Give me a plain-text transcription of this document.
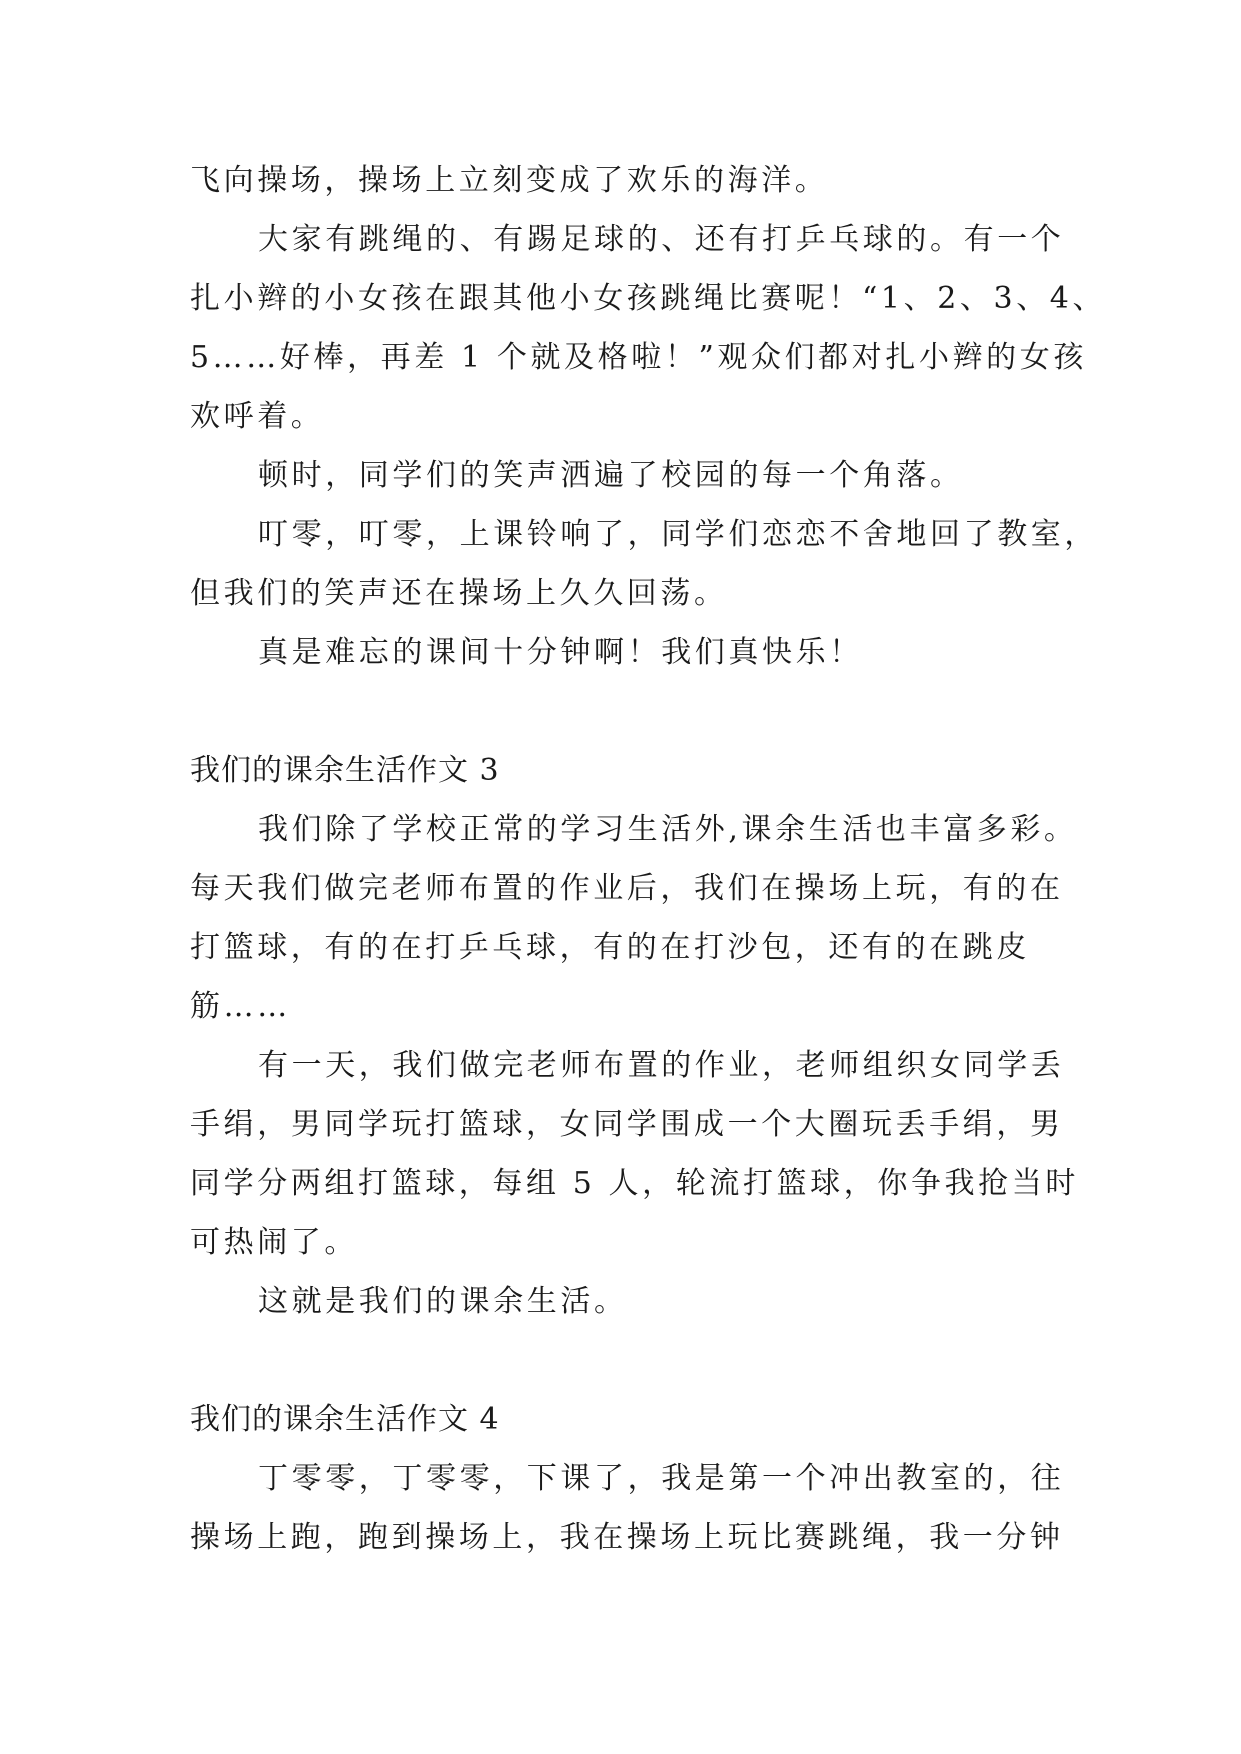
飞向操场，操场上立刻变成了欢乐的海洋。
大家有跳绳的、有踢足球的、还有打乒乓球的。有一个
扎小辫的小女孩在跟其他小女孩跳绳比赛呢！“1、2、3、4、
5……好棒，再差 1 个就及格啦！”观众们都对扎小辫的女孩
欢呼着。
顿时，同学们的笑声洒遍了校园的每一个角落。
叮零，叮零，上课铃响了，同学们恋恋不舍地回了教室，
但我们的笑声还在操场上久久回荡。
真是难忘的课间十分钟啊！我们真快乐！
我们的课余生活作文 3
我们除了学校正常的学习生活外,课余生活也丰富多彩。
每天我们做完老师布置的作业后，我们在操场上玩，有的在
打篮球，有的在打乒乓球，有的在打沙包，还有的在跳皮
筋……
有一天，我们做完老师布置的作业，老师组织女同学丢
手绢，男同学玩打篮球，女同学围成一个大圈玩丢手绢，男
同学分两组打篮球，每组 5 人，轮流打篮球，你争我抢当时
可热闹了。
这就是我们的课余生活。
我们的课余生活作文 4
丁零零，丁零零，下课了，我是第一个冲出教室的，往
操场上跑，跑到操场上，我在操场上玩比赛跳绳，我一分钟
